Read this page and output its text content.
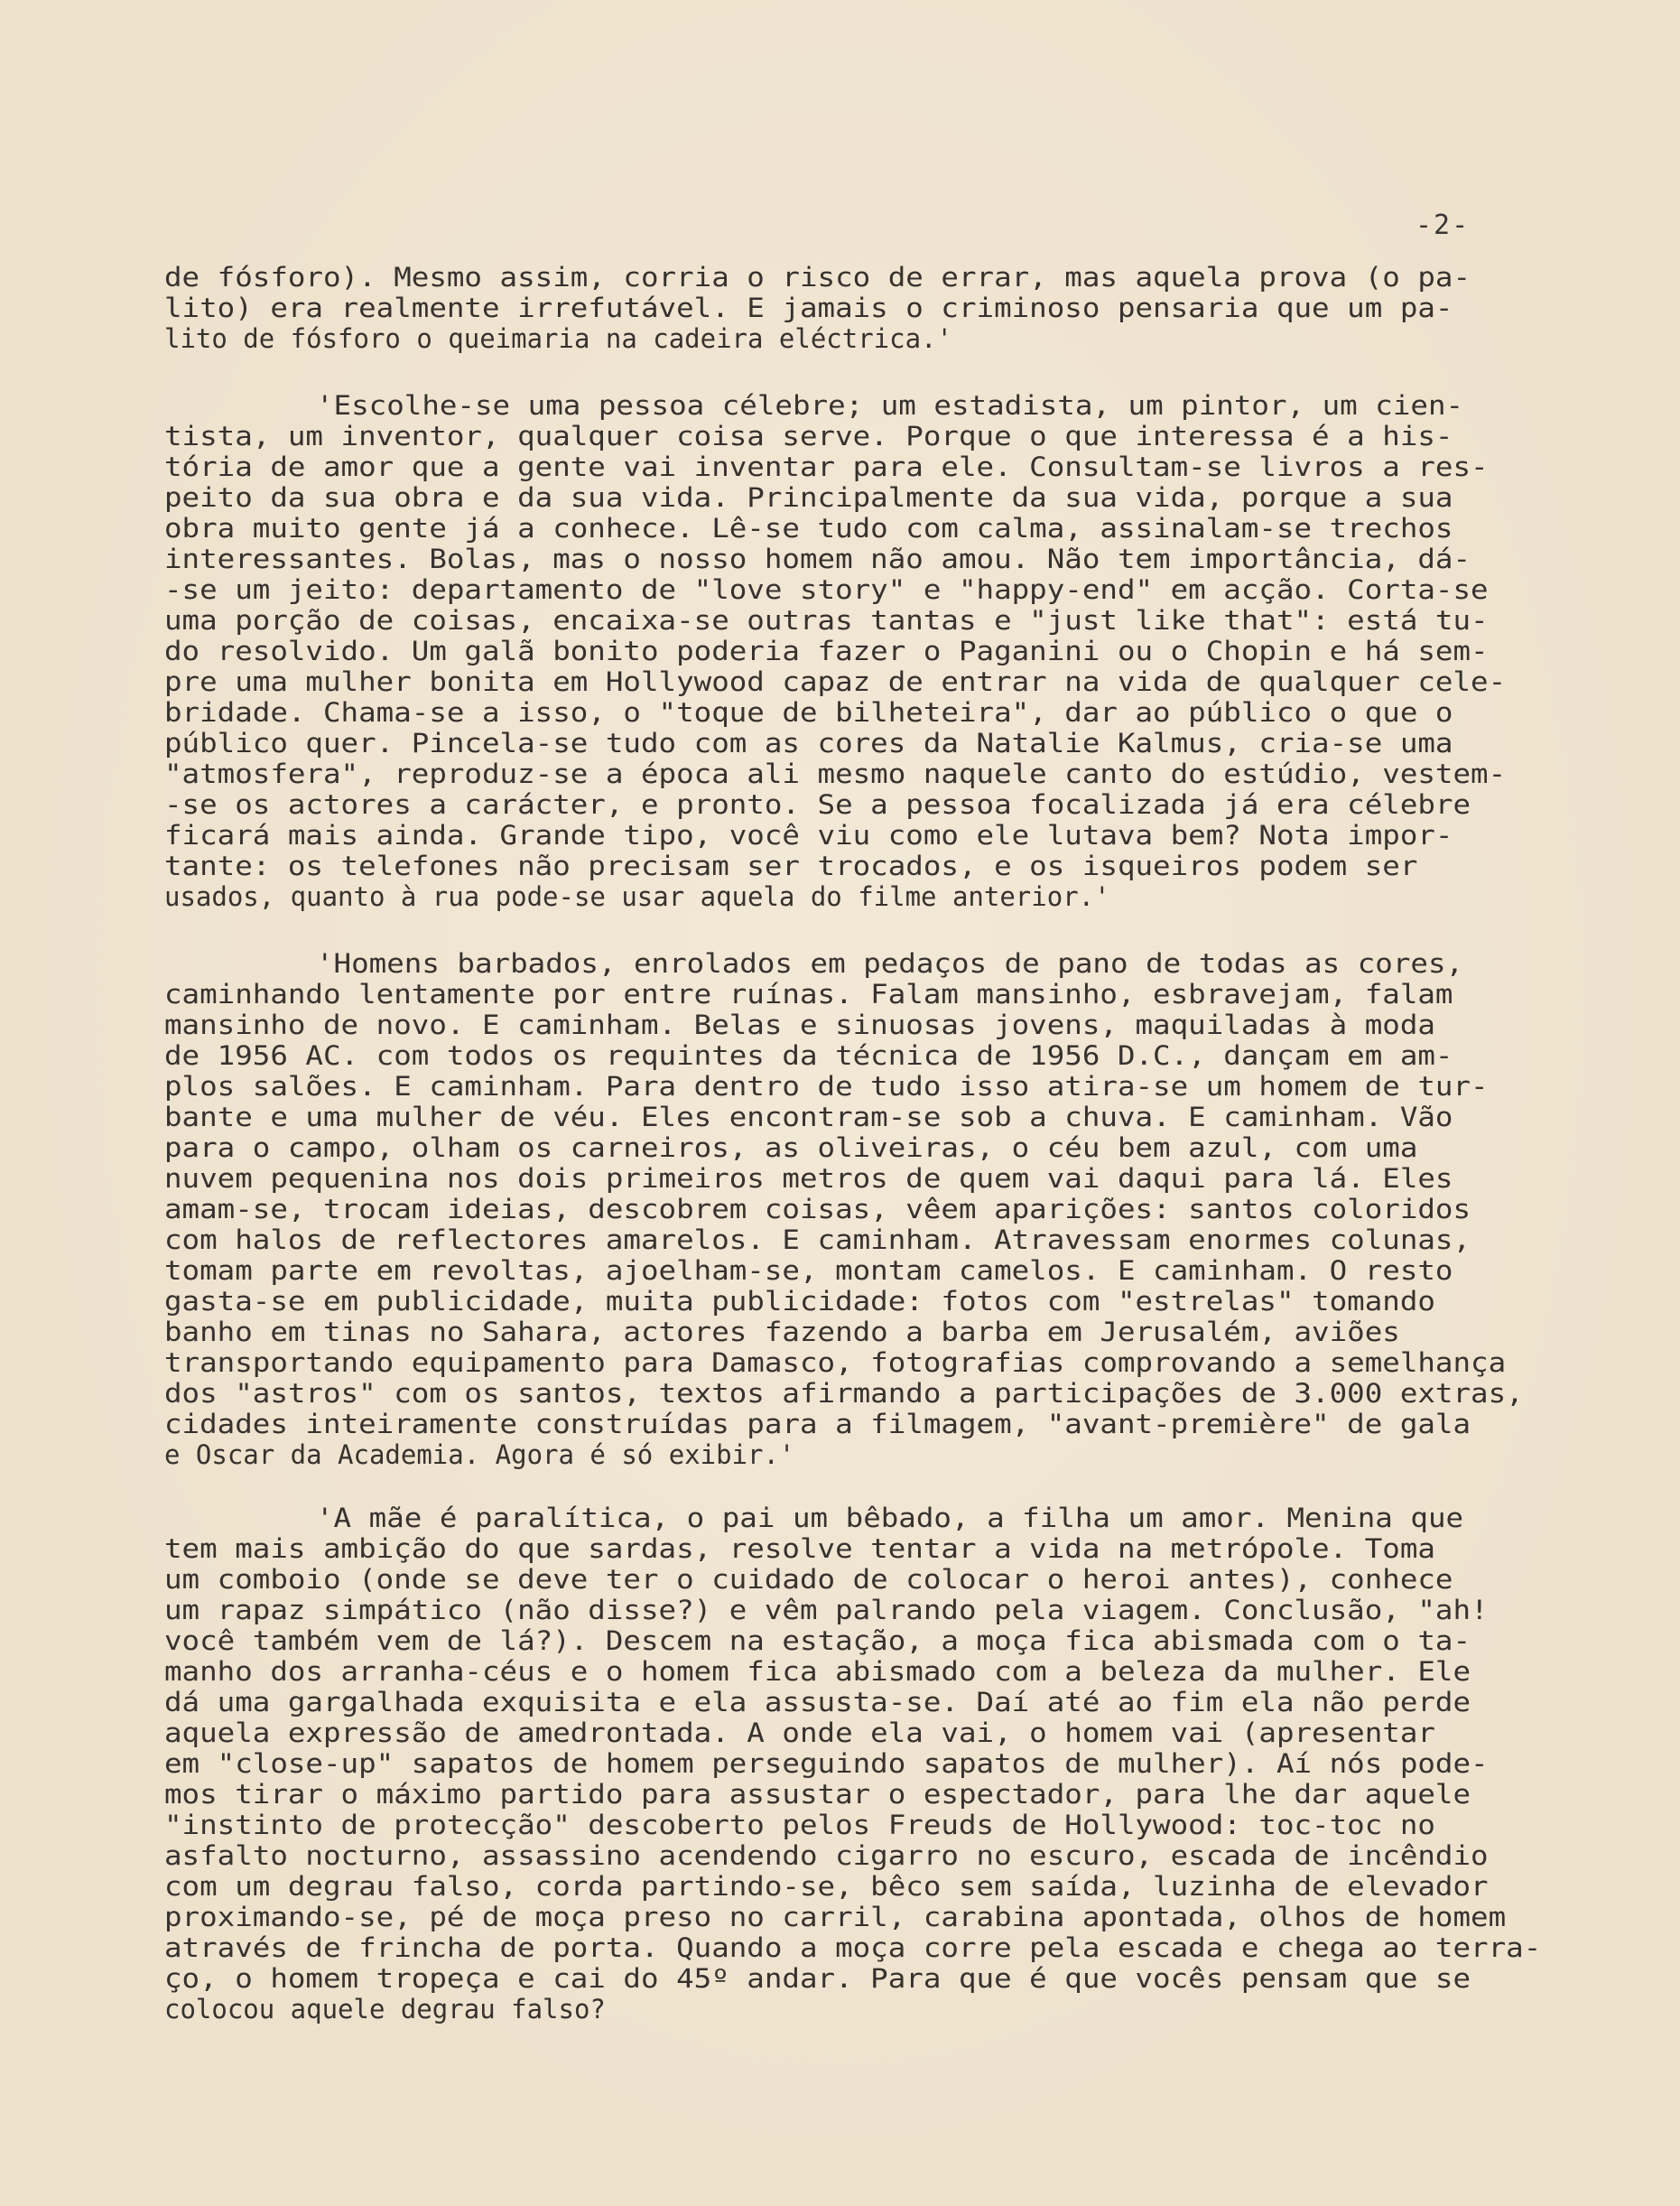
-2-
de fósforo). Mesmo assim, corria o risco de errar, mas aquela prova (o pa-
lito) era realmente irrefutável. E jamais o criminoso pensaria que um pa-
lito de fósforo o queimaria na cadeira eléctrica.'
'Escolhe-se uma pessoa célebre; um estadista, um pintor, um cien-
tista, um inventor, qualquer coisa serve. Porque o que interessa é a his-
tória de amor que a gente vai inventar para ele. Consultam-se livros a res-
peito da sua obra e da sua vida. Principalmente da sua vida, porque a sua
obra muito gente já a conhece. Lê-se tudo com calma, assinalam-se trechos
interessantes. Bolas, mas o nosso homem não amou. Não tem importância, dá-
-se um jeito: departamento de "love story" e "happy-end" em acção. Corta-se
uma porção de coisas, encaixa-se outras tantas e "just like that": está tu-
do resolvido. Um galã bonito poderia fazer o Paganini ou o Chopin e há sem-
pre uma mulher bonita em Hollywood capaz de entrar na vida de qualquer cele-
bridade. Chama-se a isso, o "toque de bilheteira", dar ao público o que o
público quer. Pincela-se tudo com as cores da Natalie Kalmus, cria-se uma
"atmosfera", reproduz-se a época ali mesmo naquele canto do estúdio, vestem-
-se os actores a carácter, e pronto. Se a pessoa focalizada já era célebre
ficará mais ainda. Grande tipo, você viu como ele lutava bem? Nota impor-
tante: os telefones não precisam ser trocados, e os isqueiros podem ser
usados, quanto à rua pode-se usar aquela do filme anterior.'
'Homens barbados, enrolados em pedaços de pano de todas as cores,
caminhando lentamente por entre ruínas. Falam mansinho, esbravejam, falam
mansinho de novo. E caminham. Belas e sinuosas jovens, maquiladas à moda
de 1956 AC. com todos os requintes da técnica de 1956 D.C., dançam em am-
plos salões. E caminham. Para dentro de tudo isso atira-se um homem de tur-
bante e uma mulher de véu. Eles encontram-se sob a chuva. E caminham. Vão
para o campo, olham os carneiros, as oliveiras, o céu bem azul, com uma
nuvem pequenina nos dois primeiros metros de quem vai daqui para lá. Eles
amam-se, trocam ideias, descobrem coisas, vêem aparições: santos coloridos
com halos de reflectores amarelos. E caminham. Atravessam enormes colunas,
tomam parte em revoltas, ajoelham-se, montam camelos. E caminham. O resto
gasta-se em publicidade, muita publicidade: fotos com "estrelas" tomando
banho em tinas no Sahara, actores fazendo a barba em Jerusalém, aviões
transportando equipamento para Damasco, fotografias comprovando a semelhança
dos "astros" com os santos, textos afirmando a participações de 3.000 extras,
cidades inteiramente construídas para a filmagem, "avant-première" de gala
e Oscar da Academia. Agora é só exibir.'
'A mãe é paralítica, o pai um bêbado, a filha um amor. Menina que
tem mais ambição do que sardas, resolve tentar a vida na metrópole. Toma
um comboio (onde se deve ter o cuidado de colocar o heroi antes), conhece
um rapaz simpático (não disse?) e vêm palrando pela viagem. Conclusão, "ah!
você também vem de lá?). Descem na estação, a moça fica abismada com o ta-
manho dos arranha-céus e o homem fica abismado com a beleza da mulher. Ele
dá uma gargalhada exquisita e ela assusta-se. Daí até ao fim ela não perde
aquela expressão de amedrontada. A onde ela vai, o homem vai (apresentar
em "close-up" sapatos de homem perseguindo sapatos de mulher). Aí nós pode-
mos tirar o máximo partido para assustar o espectador, para lhe dar aquele
"instinto de protecção" descoberto pelos Freuds de Hollywood: toc-toc no
asfalto nocturno, assassino acendendo cigarro no escuro, escada de incêndio
com um degrau falso, corda partindo-se, bêco sem saída, luzinha de elevador
proximando-se, pé de moça preso no carril, carabina apontada, olhos de homem
através de frincha de porta. Quando a moça corre pela escada e chega ao terra-
ço, o homem tropeça e cai do 45º andar. Para que é que vocês pensam que se
colocou aquele degrau falso?
